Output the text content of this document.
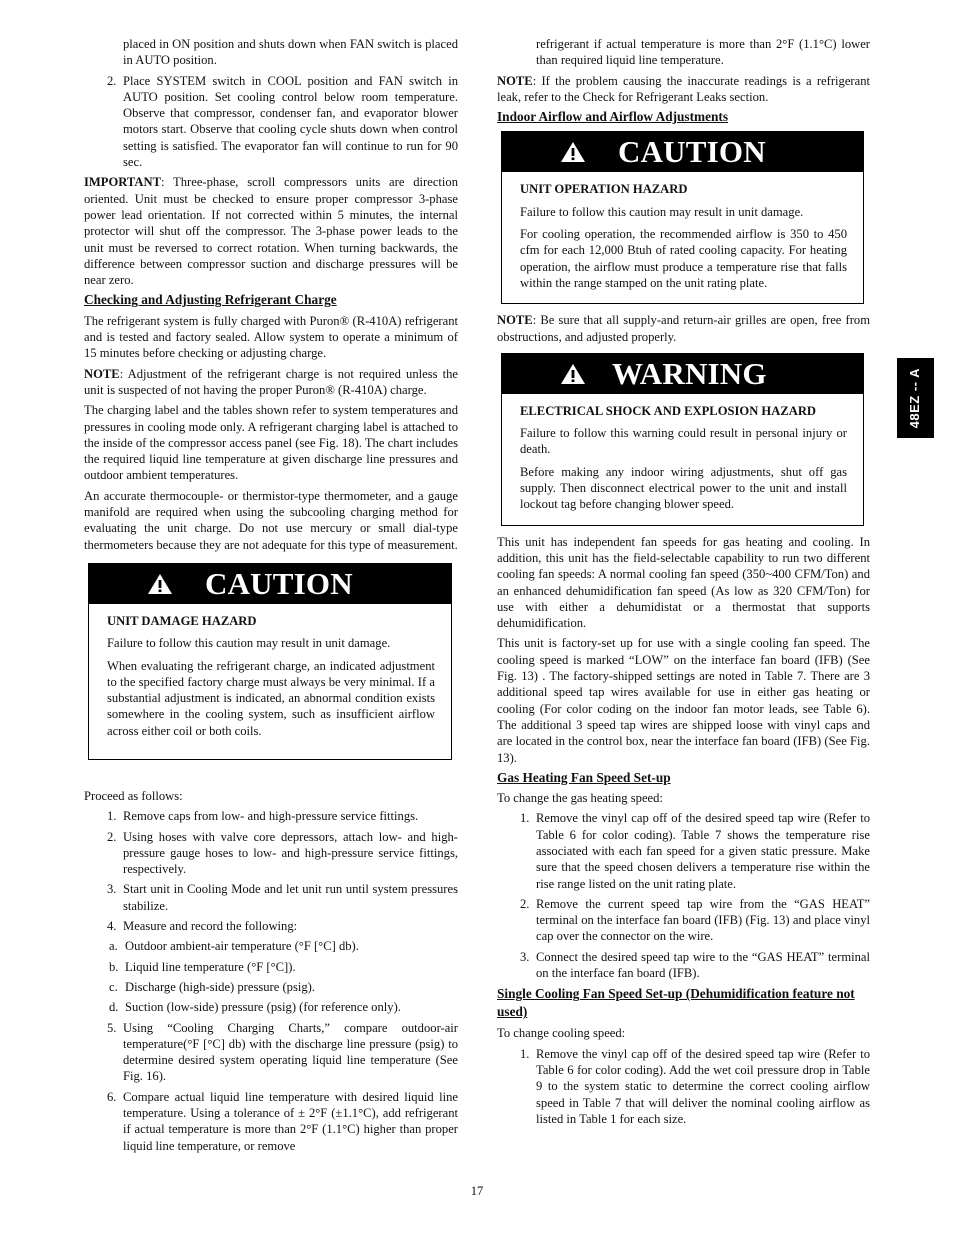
placed in ON position and shuts down when FAN switch is placed in AUTO position.
2. Place SYSTEM switch in COOL position and FAN switch in AUTO position. Set cooling control below room temperature. Observe that compressor, condenser fan, and evaporator blower motors start. Observe that cooling cycle shuts down when control setting is satisfied. The evaporator fan will continue to run for 90 sec.

IMPORTANT: Three-phase, scroll compressors units are direction oriented. Unit must be checked to ensure proper compressor 3-phase power lead orientation. If not corrected within 5 minutes, the internal protector will shut off the compressor. The 3-phase power leads to the unit must be reversed to correct rotation. When turning backwards, the difference between compressor suction and discharge pressures will be near zero.

Checking and Adjusting Refrigerant Charge

The refrigerant system is fully charged with Puron® (R-410A) refrigerant and is tested and factory sealed. Allow system to operate a minimum of 15 minutes before checking or adjusting charge.

NOTE: Adjustment of the refrigerant charge is not required unless the unit is suspected of not having the proper Puron® (R-410A) charge.

The charging label and the tables shown refer to system temperatures and pressures in cooling mode only. A refrigerant charging label is attached to the inside of the compressor access panel (see Fig. 18). The chart includes the required liquid line temperature at given discharge line pressures and outdoor ambient temperatures.

An accurate thermocouple- or thermistor-type thermometer, and a gauge manifold are required when using the subcooling charging method for evaluating the unit charge. Do not use mercury or small dial-type thermometers because they are not adequate for this type of measurement.

CAUTION
UNIT DAMAGE HAZARD

Failure to follow this caution may result in unit damage.

When evaluating the refrigerant charge, an indicated adjustment to the specified factory charge must always be very minimal. If a substantial adjustment is indicated, an abnormal condition exists somewhere in the cooling system, such as insufficient airflow across either coil or both coils.

Proceed as follows:

1. Remove caps from low- and high-pressure service fittings.
2. Using hoses with valve core depressors, attach low- and high-pressure gauge hoses to low- and high-pressure service fittings, respectively.
3. Start unit in Cooling Mode and let unit run until system pressures stabilize.
4. Measure and record the following:
a. Outdoor ambient-air temperature (°F [°C] db).
b. Liquid line temperature (°F [°C]).
c. Discharge (high-side) pressure (psig).
d. Suction (low-side) pressure (psig) (for reference only).
5. Using “Cooling Charging Charts,” compare outdoor-air temperature(°F [°C] db) with the discharge line pressure (psig) to determine desired system operating liquid line temperature (See Fig. 16).
6. Compare actual liquid line temperature with desired liquid line temperature. Using a tolerance of ± 2°F (±1.1°C), add refrigerant if actual temperature is more than 2°F (1.1°C) higher than proper liquid line temperature, or remove
refrigerant if actual temperature is more than 2°F (1.1°C) lower than required liquid line temperature.

NOTE: If the problem causing the inaccurate readings is a refrigerant leak, refer to the Check for Refrigerant Leaks section.

Indoor Airflow and Airflow Adjustments
CAUTION
UNIT OPERATION HAZARD

Failure to follow this caution may result in unit damage.

For cooling operation, the recommended airflow is 350 to 450 cfm for each 12,000 Btuh of rated cooling capacity. For heating operation, the airflow must produce a temperature rise that falls within the range stamped on the unit rating plate.

NOTE: Be sure that all supply-and return-air grilles are open, free from obstructions, and adjusted properly.

WARNING
ELECTRICAL SHOCK AND EXPLOSION HAZARD

Failure to follow this warning could result in personal injury or death.

Before making any indoor wiring adjustments, shut off gas supply. Then disconnect electrical power to the unit and install lockout tag before changing blower speed.

This unit has independent fan speeds for gas heating and cooling. In addition, this unit has the field-selectable capability to run two different cooling fan speeds: A normal cooling fan speed (350~400 CFM/Ton) and an enhanced dehumidification fan speed (As low as 320 CFM/Ton) for use with either a dehumidistat or a thermostat that supports dehumidification.

This unit is factory-set up for use with a single cooling fan speed. The cooling speed is marked “LOW” on the interface fan board (IFB) (See Fig. 13) . The factory-shipped settings are noted in Table 7. There are 3 additional speed tap wires available for use in either gas heating or cooling (For color coding on the indoor fan motor leads, see Table 6). The additional 3 speed tap wires are shipped loose with vinyl caps and are located in the control box, near the interface fan board (IFB) (See Fig. 13).

Gas Heating Fan Speed Set-up

To change the gas heating speed:

1. Remove the vinyl cap off of the desired speed tap wire (Refer to Table 6 for color coding). Table 7 shows the temperature rise associated with each fan speed for a given static pressure. Make sure that the speed chosen delivers a temperature rise within the rise range listed on the unit rating plate.
2. Remove the current speed tap wire from the “GAS HEAT” terminal on the interface fan board (IFB) (Fig. 13) and place vinyl cap over the connector on the wire.
3. Connect the desired speed tap wire to the “GAS HEAT” terminal on the interface fan board (IFB).
Single Cooling Fan Speed Set-up (Dehumidification feature not used)

To change cooling speed:

1. Remove the vinyl cap off of the desired speed tap wire (Refer to Table 6 for color coding). Add the wet coil pressure drop in Table 9 to the system static to determine the correct cooling airflow speed in Table 7 that will deliver the nominal cooling airflow as listed in Table 1 for each size.
48EZ -- A
17
